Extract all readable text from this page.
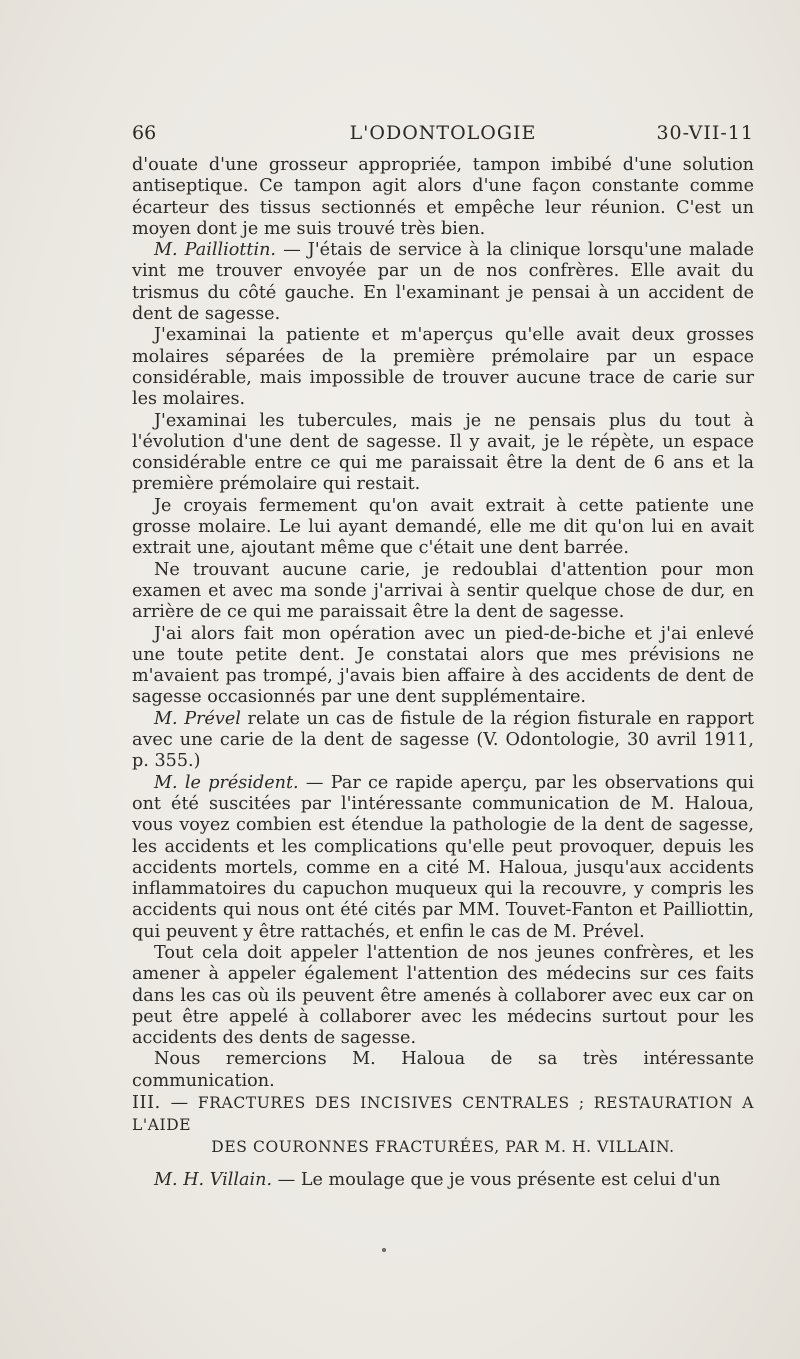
66	L'ODONTOLOGIE	30-VII-11

d'ouate d'une grosseur appropriée, tampon imbibé d'une solution antiseptique. Ce tampon agit alors d'une façon constante comme écarteur des tissus sectionnés et empêche leur réunion. C'est un moyen dont je me suis trouvé très bien.

M. Pailliottin. — J'étais de service à la clinique lorsqu'une malade vint me trouver envoyée par un de nos confrères. Elle avait du trismus du côté gauche. En l'examinant je pensai à un accident de dent de sagesse.

J'examinai la patiente et m'aperçus qu'elle avait deux grosses molaires séparées de la première prémolaire par un espace considérable, mais impossible de trouver aucune trace de carie sur les molaires.

J'examinai les tubercules, mais je ne pensais plus du tout à l'évolution d'une dent de sagesse. Il y avait, je le répète, un espace considérable entre ce qui me paraissait être la dent de 6 ans et la première prémolaire qui restait.

Je croyais fermement qu'on avait extrait à cette patiente une grosse molaire. Le lui ayant demandé, elle me dit qu'on lui en avait extrait une, ajoutant même que c'était une dent barrée.

Ne trouvant aucune carie, je redoublai d'attention pour mon examen et avec ma sonde j'arrivai à sentir quelque chose de dur, en arrière de ce qui me paraissait être la dent de sagesse.

J'ai alors fait mon opération avec un pied-de-biche et j'ai enlevé une toute petite dent. Je constatai alors que mes prévisions ne m'avaient pas trompé, j'avais bien affaire à des accidents de dent de sagesse occasionnés par une dent supplémentaire.

M. Prével relate un cas de fistule de la région fisturale en rapport avec une carie de la dent de sagesse (V. Odontologie, 30 avril 1911, p. 355.)

M. le président. — Par ce rapide aperçu, par les observations qui ont été suscitées par l'intéressante communication de M. Haloua, vous voyez combien est étendue la pathologie de la dent de sagesse, les accidents et les complications qu'elle peut provoquer, depuis les accidents mortels, comme en a cité M. Haloua, jusqu'aux accidents inflammatoires du capuchon muqueux qui la recouvre, y compris les accidents qui nous ont été cités par MM. Touvet-Fanton et Pailliottin, qui peuvent y être rattachés, et enfin le cas de M. Prével.

Tout cela doit appeler l'attention de nos jeunes confrères, et les amener à appeler également l'attention des médecins sur ces faits dans les cas où ils peuvent être amenés à collaborer avec eux car on peut être appelé à collaborer avec les médecins surtout pour les accidents des dents de sagesse.

Nous remercions M. Haloua de sa très intéressante communication.

III. — FRACTURES DES INCISIVES CENTRALES ; RESTAURATION A L'AIDE
DES COURONNES FRACTURÉES, PAR M. H. VILLAIN.

M. H. Villain. — Le moulage que je vous présente est celui d'un
